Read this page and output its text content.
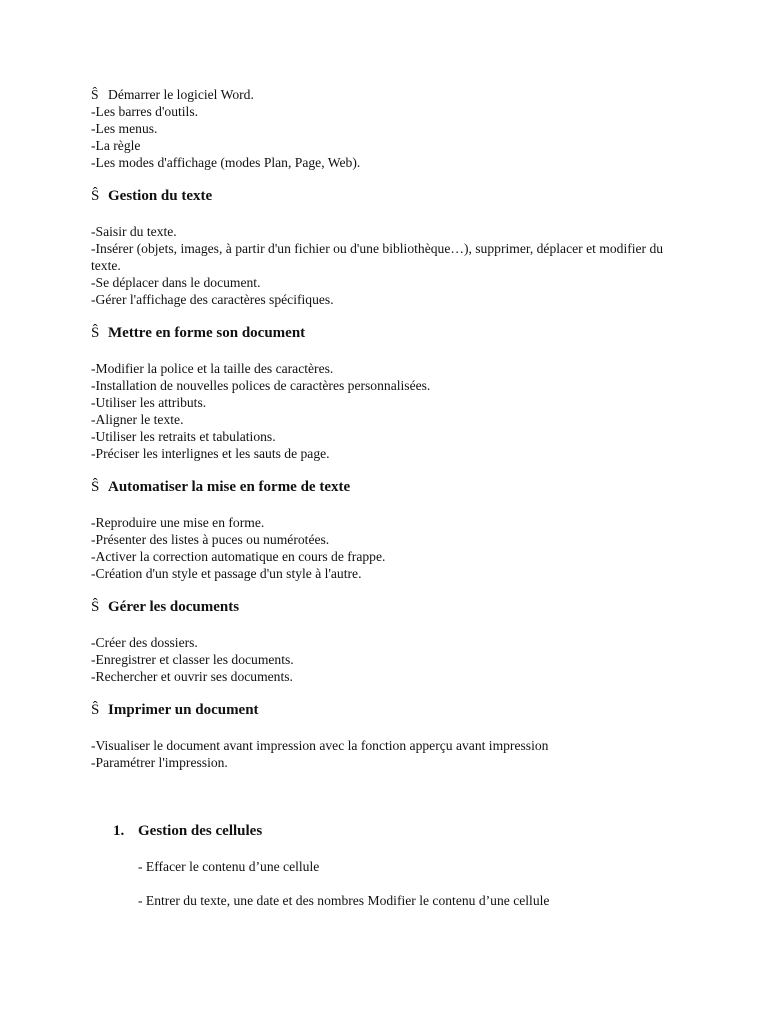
Ŝ Démarrer le logiciel Word.
-Les barres d'outils.
-Les menus.
-La règle
-Les modes d'affichage (modes Plan, Page, Web).
Ŝ Gestion du texte
-Saisir du texte.
-Insérer (objets, images, à partir d'un fichier ou d'une bibliothèque…), supprimer, déplacer et modifier du texte.
-Se déplacer dans le document.
-Gérer l'affichage des caractères spécifiques.
Ŝ Mettre en forme son document
-Modifier la police et la taille des caractères.
-Installation de nouvelles polices de caractères personnalisées.
-Utiliser les attributs.
-Aligner le texte.
-Utiliser les retraits et tabulations.
-Préciser les interlignes et les sauts de page.
Ŝ Automatiser la mise en forme de texte
-Reproduire une mise en forme.
-Présenter des listes à puces ou numérotées.
-Activer la correction automatique en cours de frappe.
-Création d'un style et passage d'un style à l'autre.
Ŝ Gérer les documents
-Créer des dossiers.
-Enregistrer et classer les documents.
-Rechercher et ouvrir ses documents.
Ŝ Imprimer un document
-Visualiser le document avant impression avec la fonction apperçu avant impression
-Paramétrer l'impression.
1. Gestion des cellules
- Effacer le contenu d’une cellule
- Entrer du texte, une date et des nombres Modifier le contenu d’une cellule
